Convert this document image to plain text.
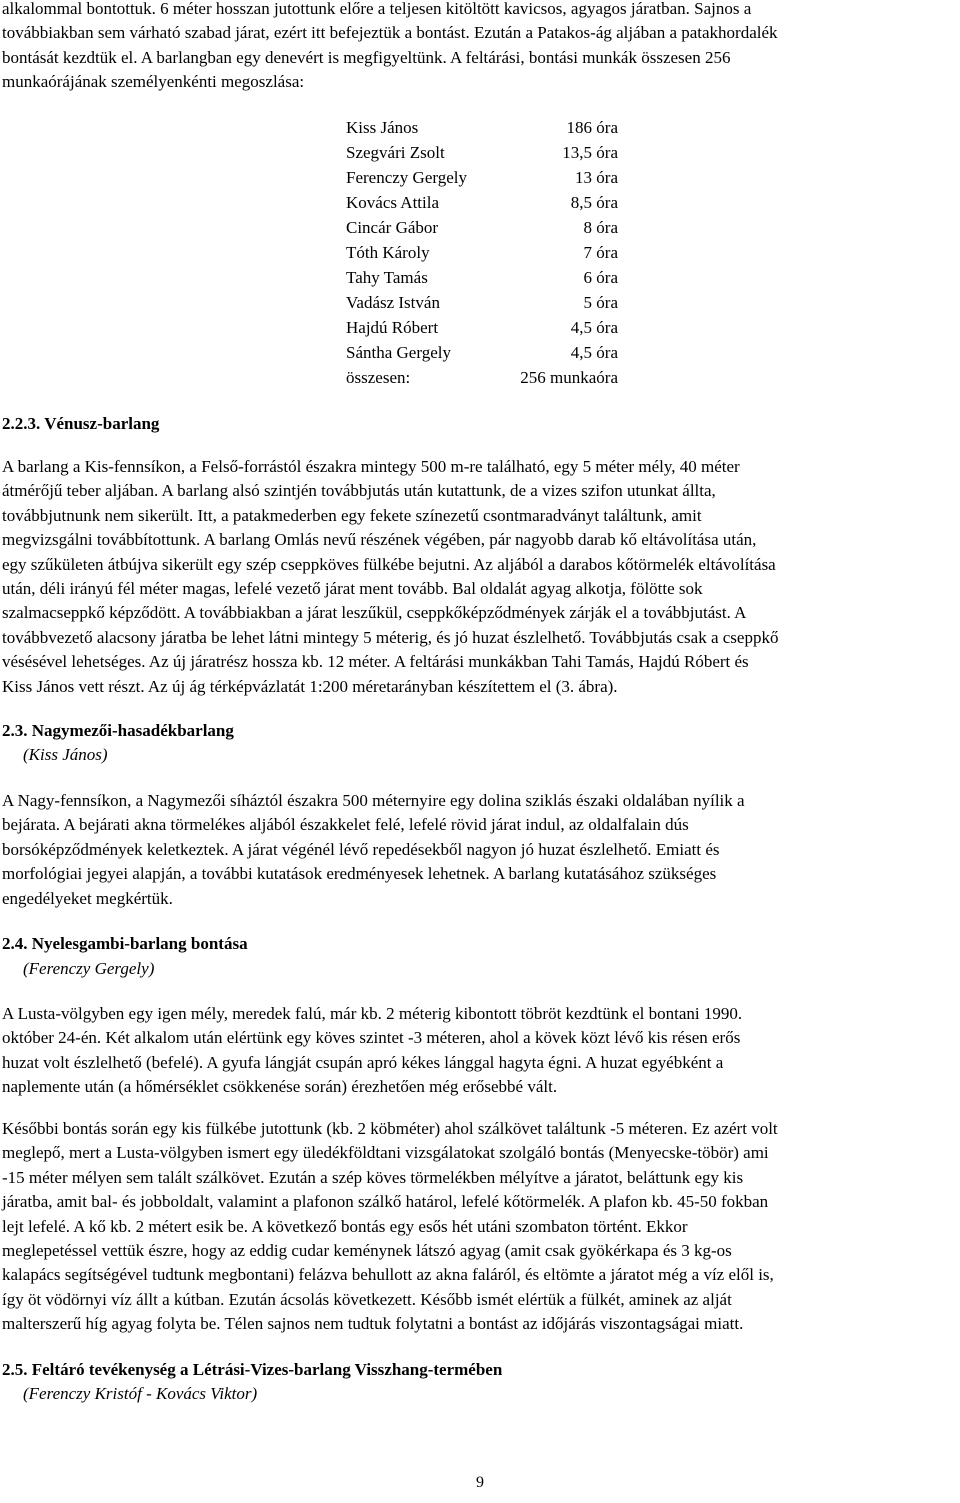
alkalommal bontottuk. 6 méter hosszan jutottunk előre a teljesen kitöltött kavicsos, agyagos járatban. Sajnos a
továbbiakban sem várható szabad járat, ezért itt befejeztük a bontást. Ezután a Patakos-ág aljában a patakhordalék
bontását kezdtük el. A barlangban egy denevért is megfigyeltünk. A feltárási, bontási munkák összesen 256
munkaórájának személyenkénti megoszlása:
Kiss János	186 óra
Szegvári Zsolt	13,5 óra
Ferenczy Gergely	13 óra
Kovács Attila	8,5 óra
Cincár Gábor	8 óra
Tóth Károly	7 óra
Tahy Tamás	6 óra
Vadász István	5 óra
Hajdú Róbert	4,5 óra
Sántha Gergely	4,5 óra
összesen:	256 munkaóra
2.2.3. Vénusz-barlang
A barlang a Kis-fennsíkon, a Felső-forrástól északra mintegy 500 m-re található, egy 5 méter mély, 40 méter
átmérőjű teber aljában. A barlang alsó szintjén továbbjutás után kutattunk, de a vizes szifon utunkat állta,
továbbjutnunk nem sikerült. Itt, a patakmederben egy fekete színezetű csontmaradványt találtunk, amit
megvizsgálni továbbítottunk. A barlang Omlás nevű részének végében, pár nagyobb darab kő eltávolítása után,
egy szűkületen átbújva sikerült egy szép cseppköves fülkébe bejutni. Az aljából a darabos kőtörmelék eltávolítása
után, déli irányú fél méter magas, lefelé vezető járat ment tovább. Bal oldalát agyag alkotja, fölötte sok
szalmacseppkő képződött. A továbbiakban a járat leszűkül, cseppkőképződmények zárják el a továbbjutást. A
továbbvezető alacsony járatba be lehet látni mintegy 5 méterig, és jó huzat észlelhető. Továbbjutás csak a cseppkő
vésésével lehetséges. Az új járatrész hossza kb. 12 méter. A feltárási munkákban Tahi Tamás, Hajdú Róbert és
Kiss János vett részt. Az új ág térképvázlatát 1:200 méretarányban készítettem el (3. ábra).
2.3. Nagymezői-hasadékbarlang
(Kiss János)
A Nagy-fennsíkon, a Nagymezői síháztól északra 500 méternyire egy dolina sziklás északi oldalában nyílik a
bejárata. A bejárati akna törmelékes aljából északkelet felé, lefelé rövid járat indul, az oldalfalain dús
borsóképződmények keletkeztek. A járat végénél lévő repedésekből nagyon jó huzat észlelhető. Emiatt és
morfológiai jegyei alapján, a további kutatások eredményesek lehetnek. A barlang kutatásához szükséges
engedélyeket megkértük.
2.4. Nyelesgambi-barlang bontása
(Ferenczy Gergely)
A Lusta-völgyben egy igen mély, meredek falú, már kb. 2 méterig kibontott töbröt kezdtünk el bontani 1990.
október 24-én. Két alkalom után elértünk egy köves szintet -3 méteren, ahol a kövek közt lévő kis résen erős
huzat volt észlelhető (befelé). A gyufa lángját csupán apró kékes lánggal hagyta égni. A huzat egyébként a
naplemente után (a hőmérséklet csökkenése során) érezhetően még erősebbé vált.
Későbbi bontás során egy kis fülkébe jutottunk (kb. 2 köbméter) ahol szálkövet találtunk -5 méteren. Ez azért volt
meglepő, mert a Lusta-völgyben ismert egy üledékföldtani vizsgálatokat szolgáló bontás (Menyecske-töbör) ami
-15 méter mélyen sem talált szálkövet. Ezután a szép köves törmelékben mélyítve a járatot, beláttunk egy kis
járatba, amit bal- és jobboldalt, valamint a plafonon szálkő határol, lefelé kőtörmelék. A plafon kb. 45-50 fokban
lejt lefelé. A kő kb. 2 métert esik be. A következő bontás egy esős hét utáni szombaton történt. Ekkor
meglepetéssel vettük észre, hogy az eddig cudar keménynek látszó agyag (amit csak gyökérkapa és 3 kg-os
kalapács segítségével tudtunk megbontani) felázva behullott az akna faláról, és eltömte a járatot még a víz elől is,
így öt vödörnyi víz állt a kútban. Ezután ácsolás következett. Később ismét elértük a fülkét, aminek az alját
malterszerű híg agyag folyta be. Télen sajnos nem tudtuk folytatni a bontást az időjárás viszontagságai miatt.
2.5. Feltáró tevékenység a Létrási-Vizes-barlang Visszhang-termében
(Ferenczy Kristóf - Kovács Viktor)
9
